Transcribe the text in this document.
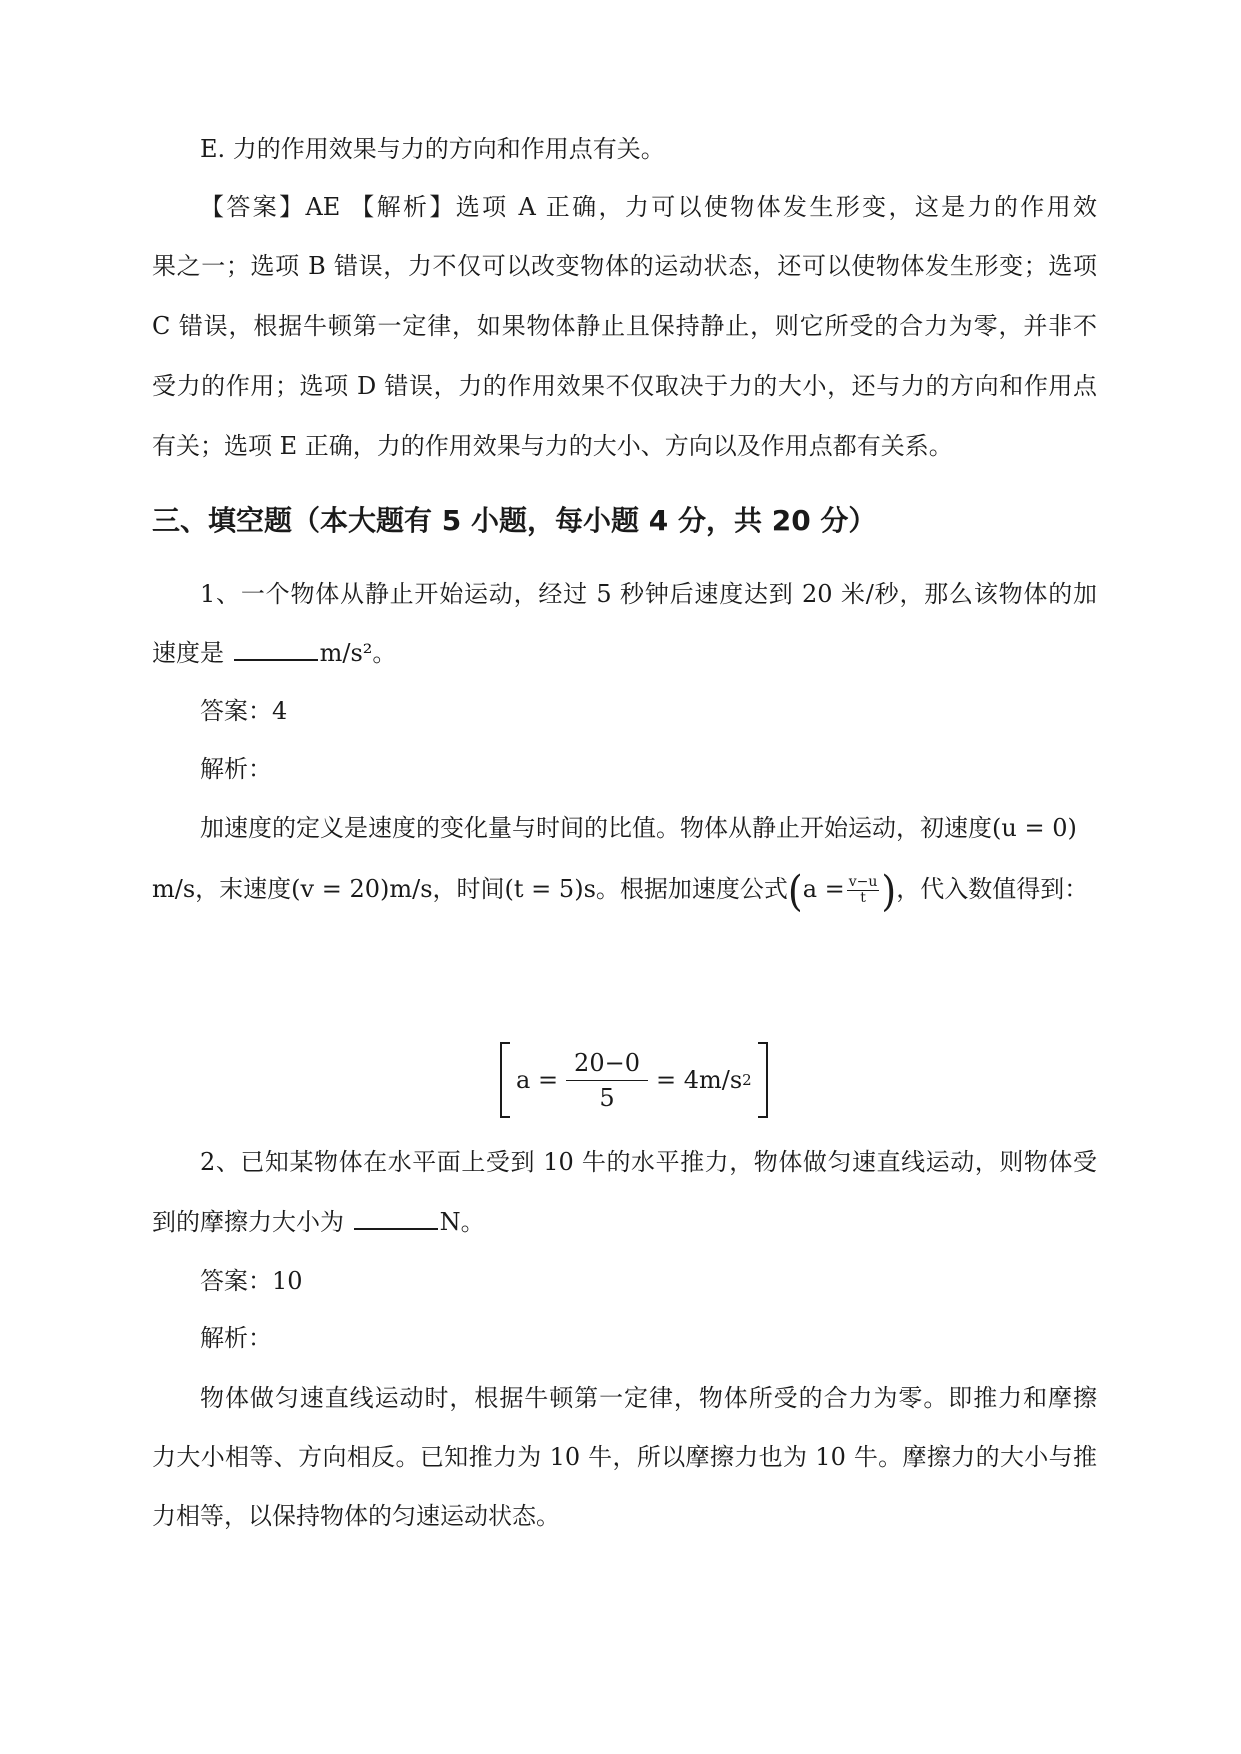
E. 力的作用效果与力的方向和作用点有关。
【答案】AE 【解析】选项 A 正确，力可以使物体发生形变，这是力的作用效
果之一；选项 B 错误，力不仅可以改变物体的运动状态，还可以使物体发生形变；选项
C 错误，根据牛顿第一定律，如果物体静止且保持静止，则它所受的合力为零，并非不
受力的作用；选项 D 错误，力的作用效果不仅取决于力的大小，还与力的方向和作用点
有关；选项 E 正确，力的作用效果与力的大小、方向以及作用点都有关系。
三、填空题（本大题有 5 小题，每小题 4 分，共 20 分）
1、一个物体从静止开始运动，经过 5 秒钟后速度达到 20 米/秒，那么该物体的加
速度是	m/s²。
答案：4
解析：
加速度的定义是速度的变化量与时间的比值。物体从静止开始运动，初速度(u = 0)
m/s，末速度(v = 20)m/s，时间(t = 5)s。根据加速度公式($a = \frac{v-u}{t}$ )，代入数值得到：
$a = \frac{20-0}{5} = 4m/s$ 2
2、已知某物体在水平面上受到 10 牛的水平推力，物体做匀速直线运动，则物体受
到的摩擦力大小为	N。
答案：10
解析：
物体做匀速直线运动时，根据牛顿第一定律，物体所受的合力为零。即推力和摩擦
力大小相等、方向相反。已知推力为 10 牛，所以摩擦力也为 10 牛。摩擦力的大小与推
力相等，以保持物体的匀速运动状态。
